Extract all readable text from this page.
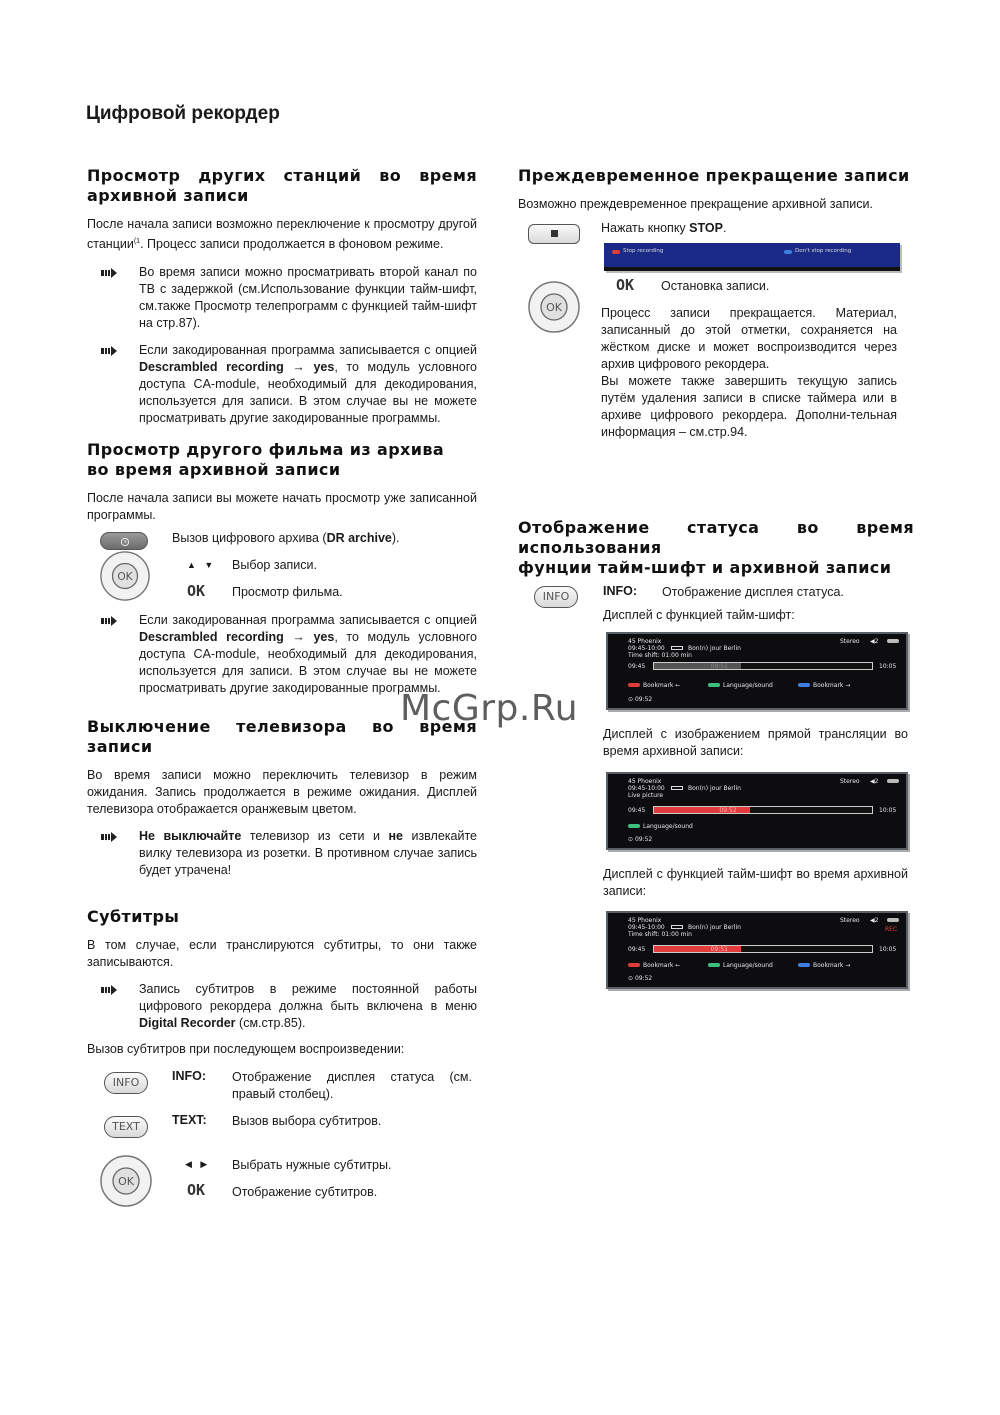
Цифровой рекордер
Просмотр других станций во время
архивной записи

После начала записи возможно переключение к просмотру другой станции$^{(1}$. Процесс записи продолжается в фоновом режиме.

Во время записи можно просматривать второй канал по ТВ с задержкой (см.Использование функции тайм-шифт, см.также Просмотр телепрограмм с функцией тайм-шифт на стр.87).

Если закодированная программа записывается с опцией Descrambled recording → yes, то модуль условного доступа CA-module, необходимый для декодирования, используется для записи. В этом случае вы не можете просматривать другие закодированные программы.

Просмотр другого фильма из архива
во время архивной записи

После начала записи вы можете начать просмотр уже записанной программы.

Вызов цифрового архива (DR archive).
OK
▲ ▼ Выбор записи.
OK Просмотр фильма.

Если закодированная программа записывается с опцией Descrambled recording → yes, то модуль условного доступа CA-module, необходимый для декодирования, используется для записи. В этом случае вы не можете просматривать другие закодированные программы.

Выключение телевизора во время
записи

Во время записи можно переключить телевизор в режим ожидания. Запись продолжается в режиме ожидания. Дисплей телевизора отображается оранжевым цветом.

Не выключайте телевизор из сети и не извлекайте вилку телевизора из розетки. В противном случае запись будет утрачена!

Субтитры

В том случае, если транслируются субтитры, то они также записываются.

Запись субтитров в режиме постоянной работы цифрового рекордера должна быть включена в меню Digital Recorder (см.стр.85).

Вызов субтитров при последующем воспроизведении:

INFO	INFO: Отображение дисплея статуса (см. правый столбец).
TEXT	TEXT: Вызов выбора субтитров.
OK
◀ ▶ Выбрать нужные субтитры.
OK Отображение субтитров.
Преждевременное прекращение записи

Возможно преждевременное прекращение архивной записи.

Нажать кнопку STOP.
Stop recording	Don't stop recording
OK
OK Остановка записи.

Процесс записи прекращается. Материал, записанный до этой отметки, сохраняется на жёстком диске и может воспроизводится через архив цифрового рекордера.

Вы можете также завершить текущую запись путём удаления записи в списке таймера или в архиве цифрового рекордера. Дополни-тельная информация – см.стр.94.

Отображение статуса во время
использования
фунции тайм-шифт и архивной записи
INFO	INFO: Отображение дисплея статуса.

Дисплей с функцией тайм-шифт:

45 Phoenix
09:45-10:00	Bon(n) jour Berlin
Stereo ◀2
Time shift: 01:00 min
09:45	09:51	10:05
Bookmark ←	Language/sound	Bookmark →
⊙ 09:52

Дисплей с изображением прямой трансляции во время архивной записи:

45 Phoenix
09:45-10:00	Bon(n) jour Berlin
Stereo ◀2
Live picture
09:45	09:52	10:05
Language/sound
⊙ 09:52

Дисплей с функцией тайм-шифт во время архивной записи:

45 Phoenix
09:45-10:00	Bon(n) jour Berlin
Stereo ◀2
Time shift: 01:00 min
REC
09:45	09:51	10:05
Bookmark ←	Language/sound	Bookmark →
⊙ 09:52
McGrp.Ru
